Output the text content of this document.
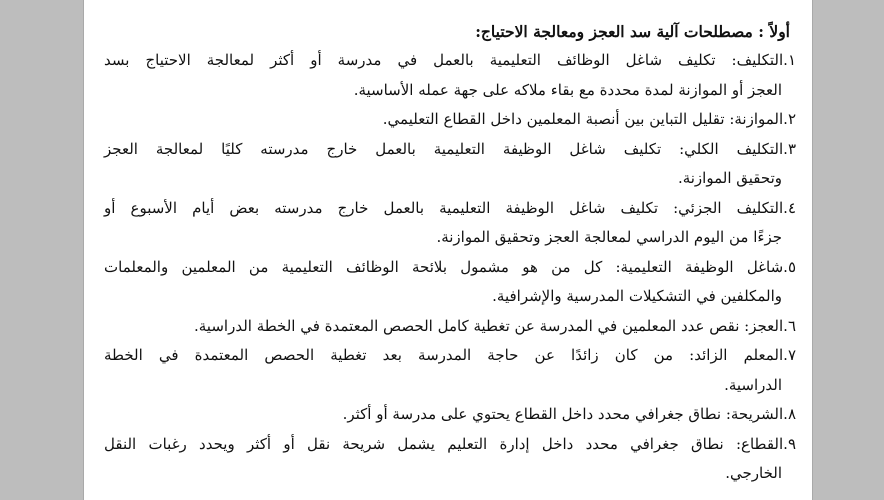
أولاً : مصطلحات آلية سد العجز ومعالجة الاحتياج:
١.التكليف: تكليف شاغل الوظائف التعليمية بالعمل في مدرسة أو أكثر لمعالجة الاحتياج بسد
العجز أو الموازنة لمدة محددة مع بقاء ملاكه على جهة عمله الأساسية.
٢.الموازنة: تقليل التباين بين أنصبة المعلمين داخل القطاع التعليمي.
٣.التكليف الكلي: تكليف شاغل الوظيفة التعليمية بالعمل خارج مدرسته كليًا لمعالجة العجز
وتحقيق الموازنة.
٤.التكليف الجزئي: تكليف شاغل الوظيفة التعليمية بالعمل خارج مدرسته بعض أيام الأسبوع أو
جزءًا من اليوم الدراسي لمعالجة العجز وتحقيق الموازنة.
٥.شاغل الوظيفة التعليمية: كل من هو مشمول بلائحة الوظائف التعليمية من المعلمين والمعلمات
والمكلفين في التشكيلات المدرسية والإشرافية.
٦.العجز: نقص عدد المعلمين في المدرسة عن تغطية كامل الحصص المعتمدة في الخطة الدراسية.
٧.المعلم الزائد: من كان زائدًا عن حاجة المدرسة بعد تغطية الحصص المعتمدة في الخطة
الدراسية.
٨.الشريحة: نطاق جغرافي محدد داخل القطاع يحتوي على مدرسة أو أكثر.
٩.القطاع: نطاق جغرافي محدد داخل إدارة التعليم يشمل شريحة نقل أو أكثر ويحدد رغبات النقل
الخارجي.
